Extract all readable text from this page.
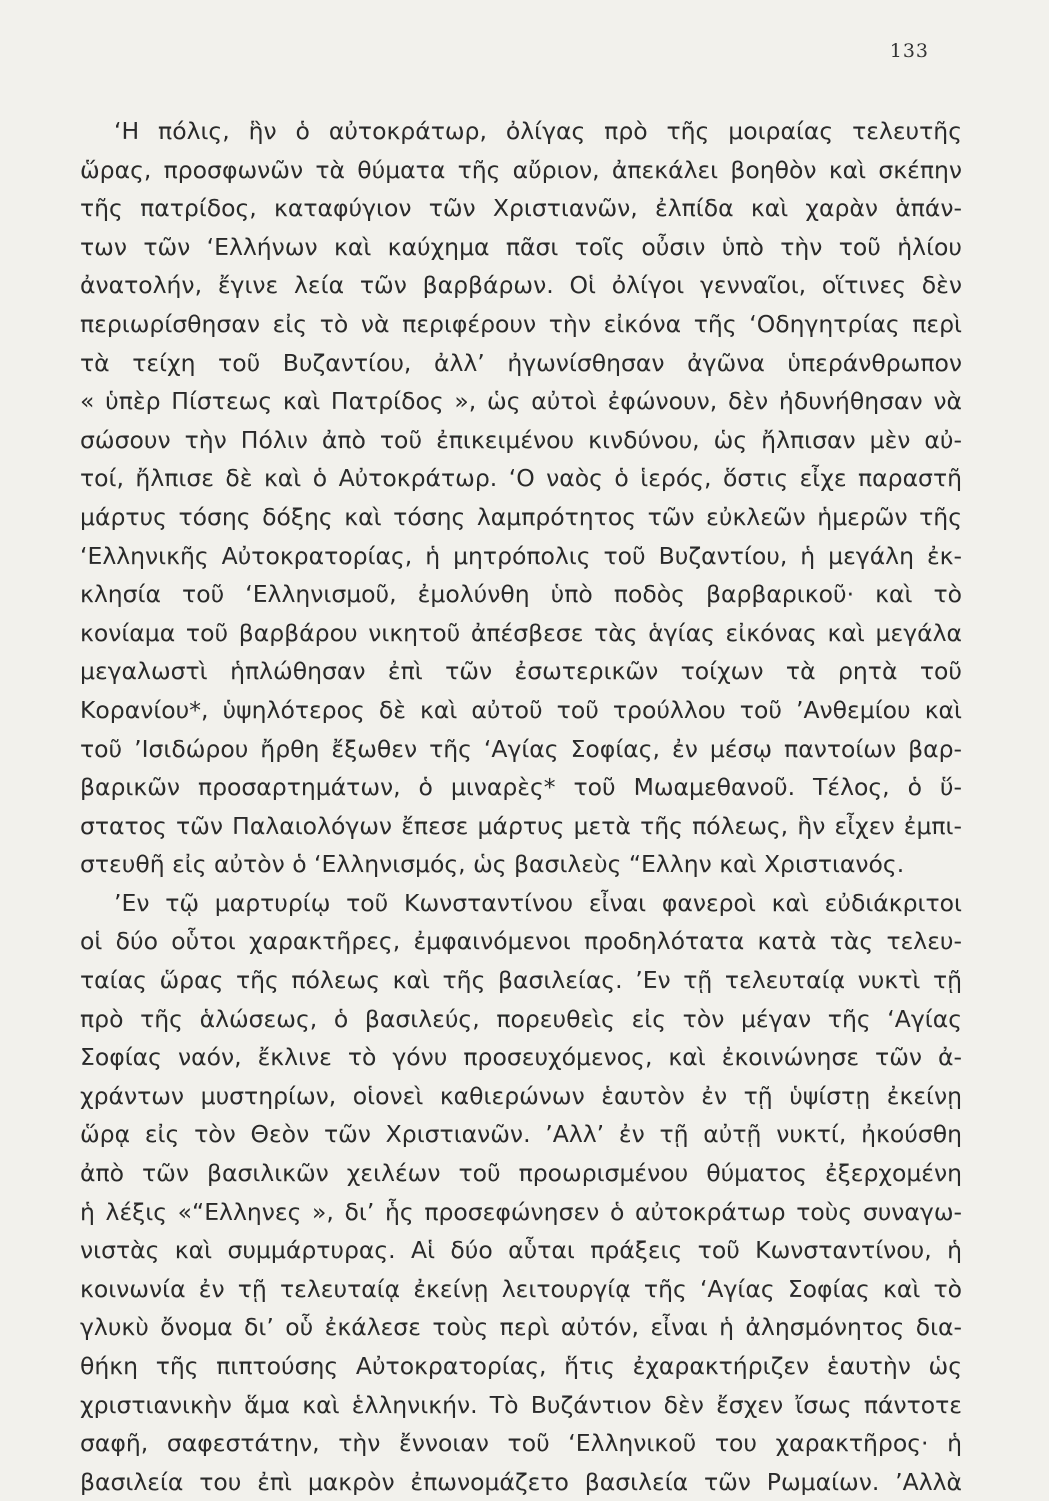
133
‘Η πόλις, ἣν ὁ αὐτοκράτωρ, ὀλίγας πρὸ τῆς μοιραίας τελευτῆς
ὥρας, προσφωνῶν τὰ θύματα τῆς αὔριον, ἀπεκάλει βοηθὸν καὶ σκέπην
τῆς πατρίδος, καταφύγιον τῶν Χριστιανῶν, ἐλπίδα καὶ χαρὰν ἁπάν-
των τῶν ‘Ελλήνων καὶ καύχημα πᾶσι τοῖς οὖσιν ὑπὸ τὴν τοῦ ἡλίου
ἀνατολήν, ἔγινε λεία τῶν βαρβάρων. Οἱ ὀλίγοι γενναῖοι, οἵτινες δὲν
περιωρίσθησαν εἰς τὸ νὰ περιφέρουν τὴν εἰκόνα τῆς ‘Οδηγητρίας περὶ
τὰ τείχη τοῦ Βυζαντίου, ἀλλ’ ἠγωνίσθησαν ἀγῶνα ὑπεράνθρωπον
« ὑπὲρ Πίστεως καὶ Πατρίδος », ὡς αὐτοὶ ἐφώνουν, δὲν ἠδυνήθησαν νὰ
σώσουν τὴν Πόλιν ἀπὸ τοῦ ἐπικειμένου κινδύνου, ὡς ἤλπισαν μὲν αὐ-
τοί, ἤλπισε δὲ καὶ ὁ Αὐτοκράτωρ. ‘Ο ναὸς ὁ ἱερός, ὅστις εἶχε παραστῆ
μάρτυς τόσης δόξης καὶ τόσης λαμπρότητος τῶν εὐκλεῶν ἡμερῶν τῆς
‘Ελληνικῆς Αὐτοκρατορίας, ἡ μητρόπολις τοῦ Βυζαντίου, ἡ μεγάλη ἐκ-
κλησία τοῦ ‘Ελληνισμοῦ, ἐμολύνθη ὑπὸ ποδὸς βαρβαρικοῦ· καὶ τὸ
κονίαμα τοῦ βαρβάρου νικητοῦ ἀπέσβεσε τὰς ἁγίας εἰκόνας καὶ μεγάλα
μεγαλωστὶ ἡπλώθησαν ἐπὶ τῶν ἐσωτερικῶν τοίχων τὰ ρητὰ τοῦ
Κορανίου*, ὑψηλότερος δὲ καὶ αὐτοῦ τοῦ τρούλλου τοῦ ’Ανθεμίου καὶ
τοῦ ’Ισιδώρου ἤρθη ἔξωθεν τῆς ‘Αγίας Σοφίας, ἐν μέσῳ παντοίων βαρ-
βαρικῶν προσαρτημάτων, ὁ μιναρὲς* τοῦ Μωαμεθανοῦ. Τέλος, ὁ ὕ-
στατος τῶν Παλαιολόγων ἔπεσε μάρτυς μετὰ τῆς πόλεως, ἣν εἶχεν ἐμπι-
στευθῆ εἰς αὐτὸν ὁ ‘Ελληνισμός, ὡς βασιλεὺς “Ελλην καὶ Χριστιανός.
’Εν τῷ μαρτυρίῳ τοῦ Κωνσταντίνου εἶναι φανεροὶ καὶ εὐδιάκριτοι
οἱ δύο οὗτοι χαρακτῆρες, ἐμφαινόμενοι προδηλότατα κατὰ τὰς τελευ-
ταίας ὥρας τῆς πόλεως καὶ τῆς βασιλείας. ’Εν τῇ τελευταίᾳ νυκτὶ τῇ
πρὸ τῆς ἁλώσεως, ὁ βασιλεύς, πορευθεὶς εἰς τὸν μέγαν τῆς ‘Αγίας
Σοφίας ναόν, ἔκλινε τὸ γόνυ προσευχόμενος, καὶ ἐκοινώνησε τῶν ἀ-
χράντων μυστηρίων, οἱονεὶ καθιερώνων ἑαυτὸν ἐν τῇ ὑψίστῃ ἐκείνῃ
ὥρᾳ εἰς τὸν Θεὸν τῶν Χριστιανῶν. ’Αλλ’ ἐν τῇ αὐτῇ νυκτί, ἠκούσθη
ἀπὸ τῶν βασιλικῶν χειλέων τοῦ προωρισμένου θύματος ἐξερχομένη
ἡ λέξις «“Ελληνες », δι’ ἧς προσεφώνησεν ὁ αὐτοκράτωρ τοὺς συναγω-
νιστὰς καὶ συμμάρτυρας. Αἱ δύο αὗται πράξεις τοῦ Κωνσταντίνου, ἡ
κοινωνία ἐν τῇ τελευταίᾳ ἐκείνῃ λειτουργίᾳ τῆς ‘Αγίας Σοφίας καὶ τὸ
γλυκὺ ὄνομα δι’ οὗ ἐκάλεσε τοὺς περὶ αὐτόν, εἶναι ἡ ἀλησμόνητος δια-
θήκη τῆς πιπτούσης Αὐτοκρατορίας, ἥτις ἐχαρακτήριζεν ἑαυτὴν ὡς
χριστιανικὴν ἅμα καὶ ἑλληνικήν. Τὸ Βυζάντιον δὲν ἔσχεν ἴσως πάντοτε
σαφῆ, σαφεστάτην, τὴν ἔννοιαν τοῦ ‘Ελληνικοῦ του χαρακτῆρος· ἡ
βασιλεία του ἐπὶ μακρὸν ἐπωνομάζετο βασιλεία τῶν Ρωμαίων. ’Αλλὰ
